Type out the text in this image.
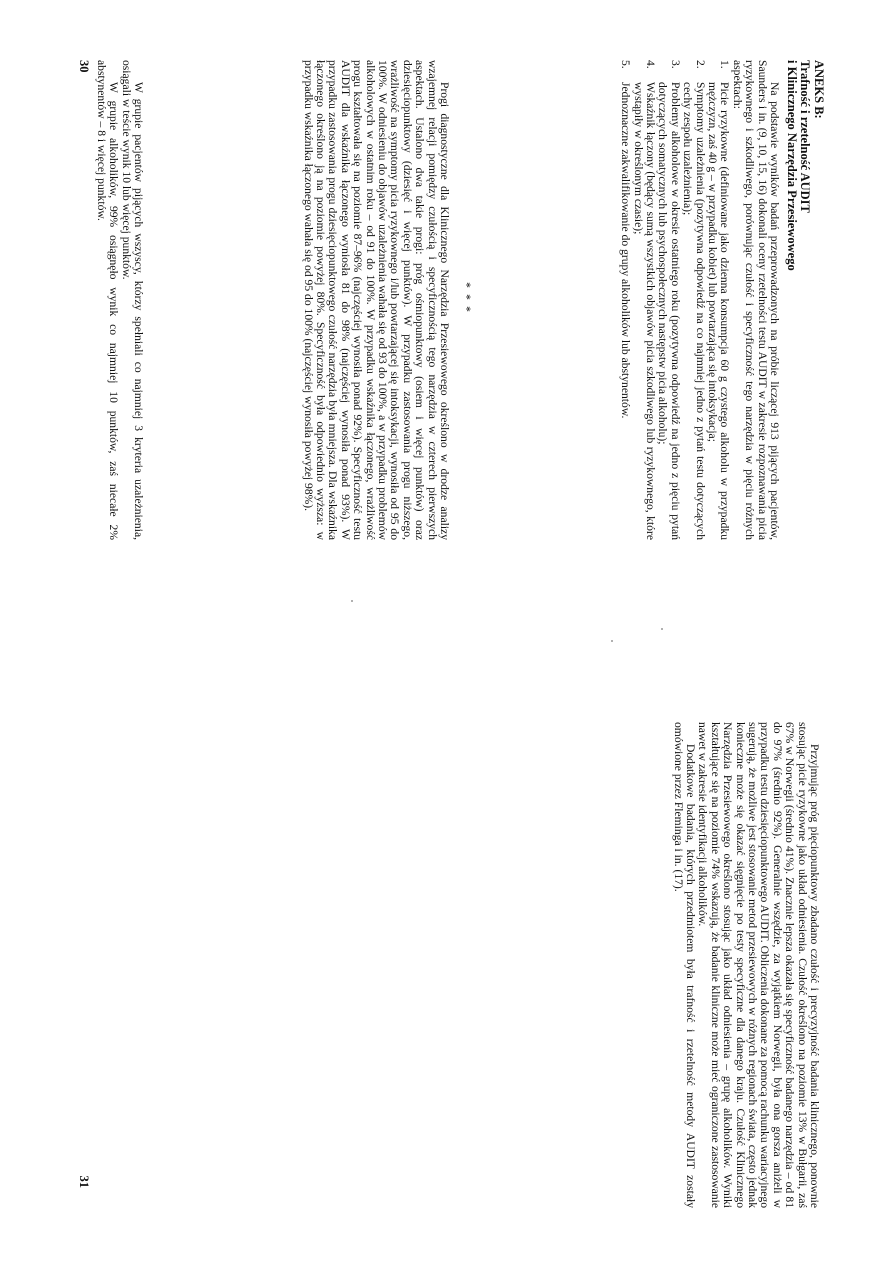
ANEKS B:
Trafność i rzetelność AUDIT
i Klinicznego Narzędzia Przesiewowego

Na podstawie wyników badań przeprowadzonych na próbie liczącej 913 pijących pacjentów, Saunders i in. (9, 10, 15, 16) dokonali oceny rzetelności testu AUDIT w zakresie rozpoznawania picia ryzykownego i szkodliwego, porównując czułość i specyficzność tego narzędzia w pięciu różnych aspektach:

1.
Picie ryzykowne (definiowane jako dzienna konsumpcja 60 g czystego alkoholu w przypadku mężczyzn, zaś 40 g – w przypadku kobiet) lub powtarzająca się intoksykacja;
2.
Symptomy uzależnienia (pozytywna odpowiedź na co najmniej jedno z pytań testu dotyczących cechy zespołu uzależnienia);
3.
Problemy alkoholowe w okresie ostatniego roku (pozytywna odpowiedź na jedno z pięciu pytań dotyczących somatycznych lub psychospołecznych następstw picia alkoholu);
4.
Wskaźnik łączony (będący sumą wszystkich objawów picia szkodliwego lub ryzykownego, które wystąpiły w określonym czasie);
5.
Jednoznaczne zakwalifikowanie do grupy alkoholików lub abstynentów.
***

Progi diagnostyczne dla Klinicznego Narzędzia Przesiewowego określono w drodze analizy wzajemnej relacji pomiędzy czułością i specyficznością tego narzędzia w czterech pierwszych aspektach. Ustalono dwa takie progi: próg ośmiopunktowy (osiem i więcej punktów) oraz dziesięciopunktowy (dziesięć i więcej punktów). W przypadku zastosowania progu niższego, wrażliwość na symptomy picia ryzykownego i/lub powtarzającej się intoksykacji, wynosiła od 95 do 100%. W odniesieniu do objawów uzależnienia wahała się od 93 do 100%, a w przypadku problemów alkoholowych w ostatnim roku – od 91 do 100%. W przypadku wskaźnika łączonego, wrażliwość progu kształtowała się na poziomie 87–96% (najczęściej wynosiła ponad 92%). Specyficzność testu AUDIT dla wskaźnika łączonego wyniosła 81 do 98% (najczęściej wynosiła ponad 93%). W przypadku zastosowania progu dziesięciopunktowego czułość narzędzia była mniejsza. Dla wskaźnika łączonego określono ją na poziomie powyżej 80%. Specyficzność była odpowiednio wyższa: w przypadku wskaźnika łączonego wahała się od 95 do 100% (najczęściej wynosiła powyżej 98%).

W grupie pacjentów pijących wszyscy, którzy spełniali co najmniej 3 kryteria uzależnienia, osiągali w teście wynik 10 lub więcej punktów.

W grupie alkoholików, 99% osiągnęło wynik co najmniej 10 punktów, zaś niecałe 2% abstynentów – 8 i więcej punktów.

30

Przyjmując próg pięciopunktowy zbadano czułość i precyzyjność badania klinicznego, ponownie stosując picie ryzykowne jako układ odniesienia. Czułość określono na poziomie 13% w Bułgarii, zaś 67% w Norwegii (średnio 41%). Znacznie lepsza okazała się specyficzność badanego narzędzia – od 81 do 97% (średnio 92%). Generalnie wszędzie, za wyjątkiem Norwegii, była ona gorsza aniżeli w przypadku testu dziesięciopunktowego AUDIT. Obliczenia dokonane za pomocą rachunku wariacyjnego sugerują, że możliwe jest stosowanie metod przesiewowych w różnych regionach świata, często jednak konieczne może się okazać sięgnięcie po testy specyficzne dla danego kraju. Czułość Klinicznego Narzędzia Przesiewowego określono stosując jako układ odniesienia – grupę alkoholików. Wyniki kształtujące się na poziomie 74% wskazują, że badanie kliniczne może mieć ograniczone zastosowanie nawet w zakresie identyfikacji alkoholików.

Dodatkowe badania, których przedmiotem była trafność i rzetelność metody AUDIT zostały omówione przez Fleminga i in. (17).

31
